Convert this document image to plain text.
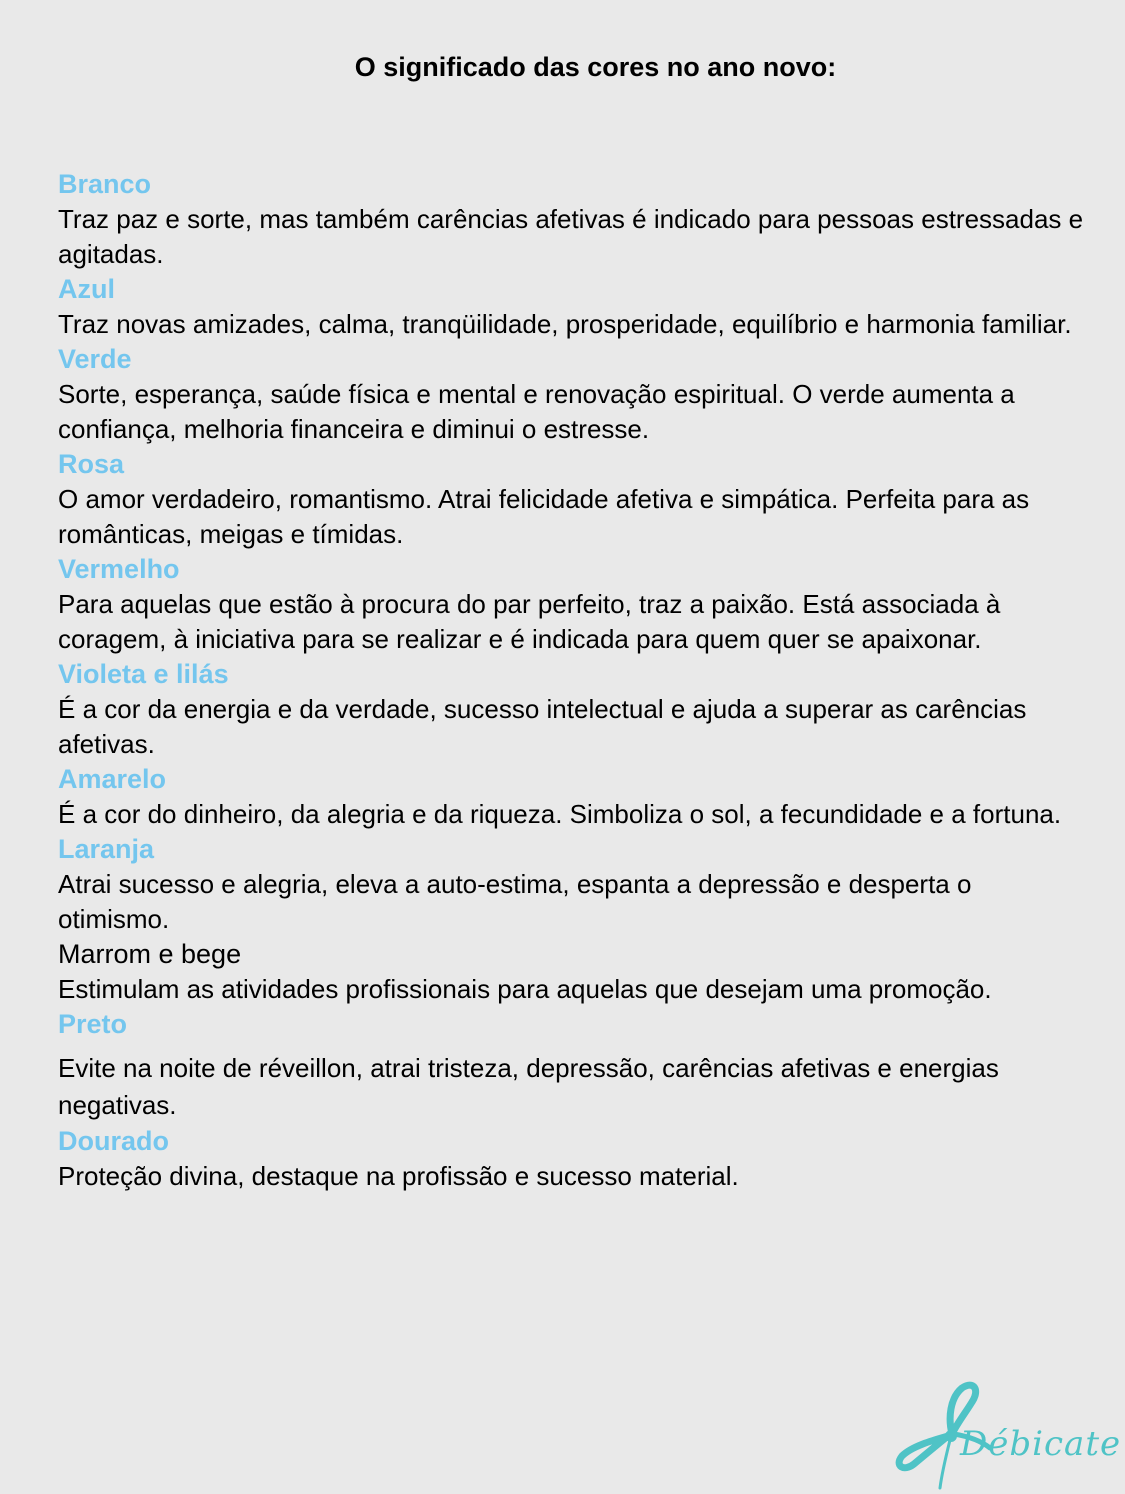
O significado das cores no ano novo:
Branco
Traz paz e sorte, mas também carências afetivas é indicado para pessoas estressadas e agitadas.
Azul
Traz novas amizades, calma, tranqüilidade, prosperidade, equilíbrio e harmonia familiar.
Verde
Sorte, esperança, saúde física e mental e renovação espiritual. O verde aumenta a confiança, melhoria financeira e diminui o estresse.
Rosa
O amor verdadeiro, romantismo. Atrai felicidade afetiva e simpática. Perfeita para as românticas, meigas e tímidas.
Vermelho
Para aquelas que estão à procura do par perfeito, traz a paixão. Está associada à coragem, à iniciativa para se realizar e é indicada para quem quer se apaixonar.
Violeta e lilás
É a cor da energia e da verdade, sucesso intelectual e ajuda a superar as carências afetivas.
Amarelo
É a cor do dinheiro, da alegria e da riqueza. Simboliza o sol, a fecundidade e a fortuna.
Laranja
Atrai sucesso e alegria, eleva a auto-estima, espanta a depressão e desperta o otimismo.
Marrom e bege
Estimulam as atividades profissionais para aquelas que desejam uma promoção.
Preto
Evite na noite de réveillon, atrai tristeza, depressão, carências afetivas e energias negativas.
Dourado
Proteção divina, destaque na profissão e sucesso material.
Débicate
